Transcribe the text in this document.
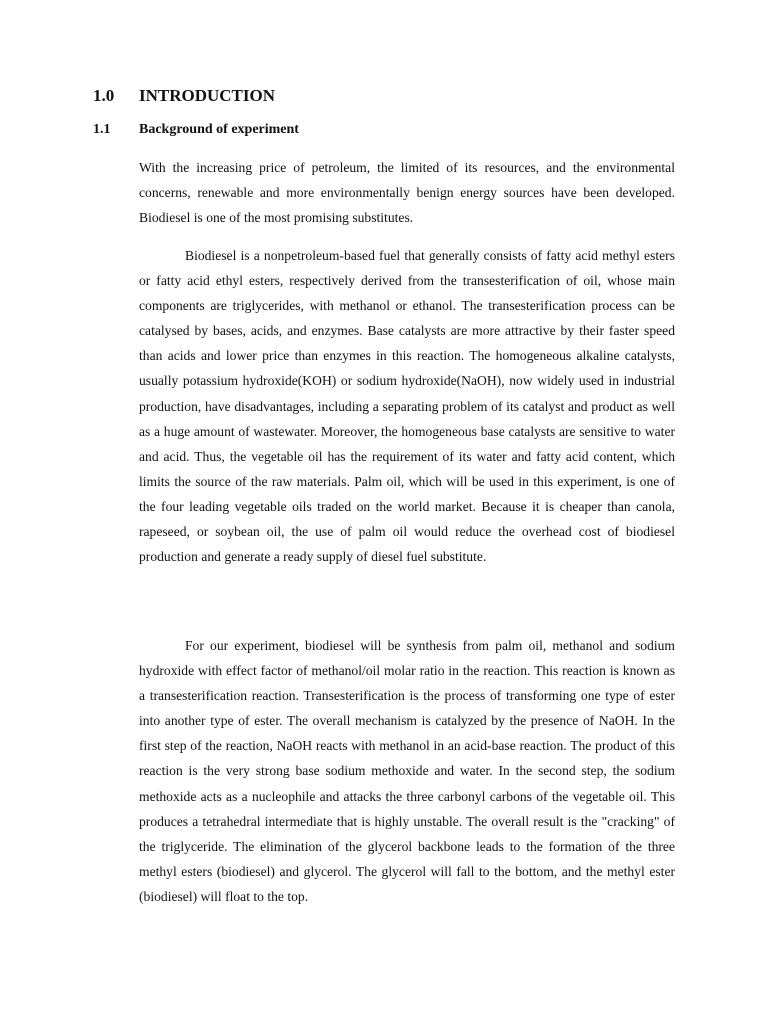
1.0 INTRODUCTION
1.1 Background of experiment

With the increasing price of petroleum, the limited of its resources, and the environmental concerns, renewable and more environmentally benign energy sources have been developed. Biodiesel is one of the most promising substitutes.

Biodiesel is a nonpetroleum-based fuel that generally consists of fatty acid methyl esters or fatty acid ethyl esters, respectively derived from the transesterification of oil, whose main components are triglycerides, with methanol or ethanol. The transesterification process can be catalysed by bases, acids, and enzymes. Base catalysts are more attractive by their faster speed than acids and lower price than enzymes in this reaction. The homogeneous alkaline catalysts, usually potassium hydroxide(KOH) or sodium hydroxide(NaOH), now widely used in industrial production, have disadvantages, including a separating problem of its catalyst and product as well as a huge amount of wastewater. Moreover, the homogeneous base catalysts are sensitive to water and acid. Thus, the vegetable oil has the requirement of its water and fatty acid content, which limits the source of the raw materials. Palm oil, which will be used in this experiment, is one of the four leading vegetable oils traded on the world market. Because it is cheaper than canola, rapeseed, or soybean oil, the use of palm oil would reduce the overhead cost of biodiesel production and generate a ready supply of diesel fuel substitute.

For our experiment, biodiesel will be synthesis from palm oil, methanol and sodium hydroxide with effect factor of methanol/oil molar ratio in the reaction. This reaction is known as a transesterification reaction. Transesterification is the process of transforming one type of ester into another type of ester. The overall mechanism is catalyzed by the presence of NaOH. In the first step of the reaction, NaOH reacts with methanol in an acid-base reaction. The product of this reaction is the very strong base sodium methoxide and water. In the second step, the sodium methoxide acts as a nucleophile and attacks the three carbonyl carbons of the vegetable oil. This produces a tetrahedral intermediate that is highly unstable. The overall result is the "cracking" of the triglyceride. The elimination of the glycerol backbone leads to the formation of the three methyl esters (biodiesel) and glycerol. The glycerol will fall to the bottom, and the methyl ester (biodiesel) will float to the top.
